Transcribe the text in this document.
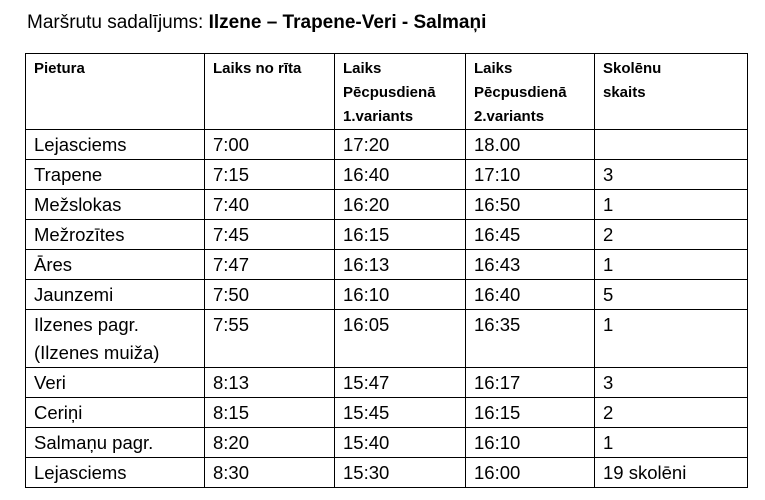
Maršrutu sadalījums: Ilzene – Trapene-Veri - Salmaņi
Pietura	Laiks no rīta	Laiks
Pēcpusdienā
1.variants	Laiks
Pēcpusdienā
2.variants	Skolēnu
skaits
Lejasciems	7:00	17:20	18.00	
Trapene	7:15	16:40	17:10	3
Mežslokas	7:40	16:20	16:50	1
Mežrozītes	7:45	16:15	16:45	2
Āres	7:47	16:13	16:43	1
Jaunzemi	7:50	16:10	16:40	5
Ilzenes pagr.
(Ilzenes muiža)	7:55	16:05	16:35	1
Veri	8:13	15:47	16:17	3
Ceriņi	8:15	15:45	16:15	2
Salmaņu pagr.	8:20	15:40	16:10	1
Lejasciems	8:30	15:30	16:00	19 skolēni
